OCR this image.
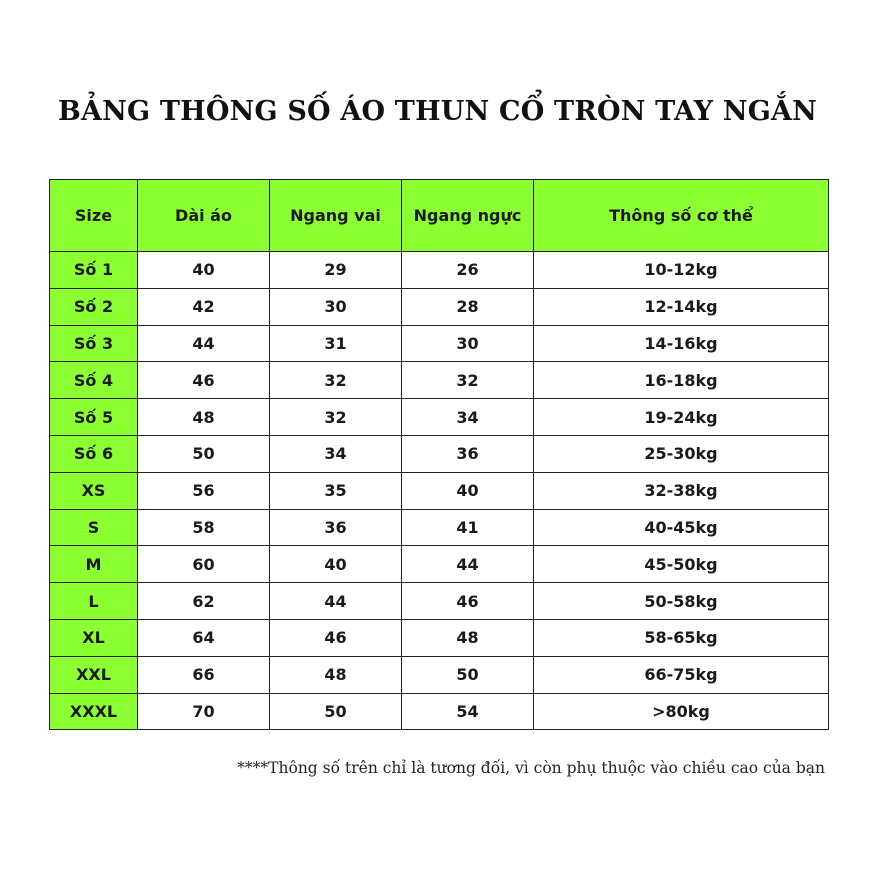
BẢNG THÔNG SỐ ÁO THUN CỔ TRÒN TAY NGẮN
Size	Dài áo	Ngang vai	Ngang ngực	Thông số cơ thể
Số 1	40	29	26	10-12kg
Số 2	42	30	28	12-14kg
Số 3	44	31	30	14-16kg
Số 4	46	32	32	16-18kg
Số 5	48	32	34	19-24kg
Số 6	50	34	36	25-30kg
XS	56	35	40	32-38kg
S	58	36	41	40-45kg
M	60	40	44	45-50kg
L	62	44	46	50-58kg
XL	64	46	48	58-65kg
XXL	66	48	50	66-75kg
XXXL	70	50	54	>80kg
****Thông số trên chỉ là tương đối, vì còn phụ thuộc vào chiều cao của bạn
